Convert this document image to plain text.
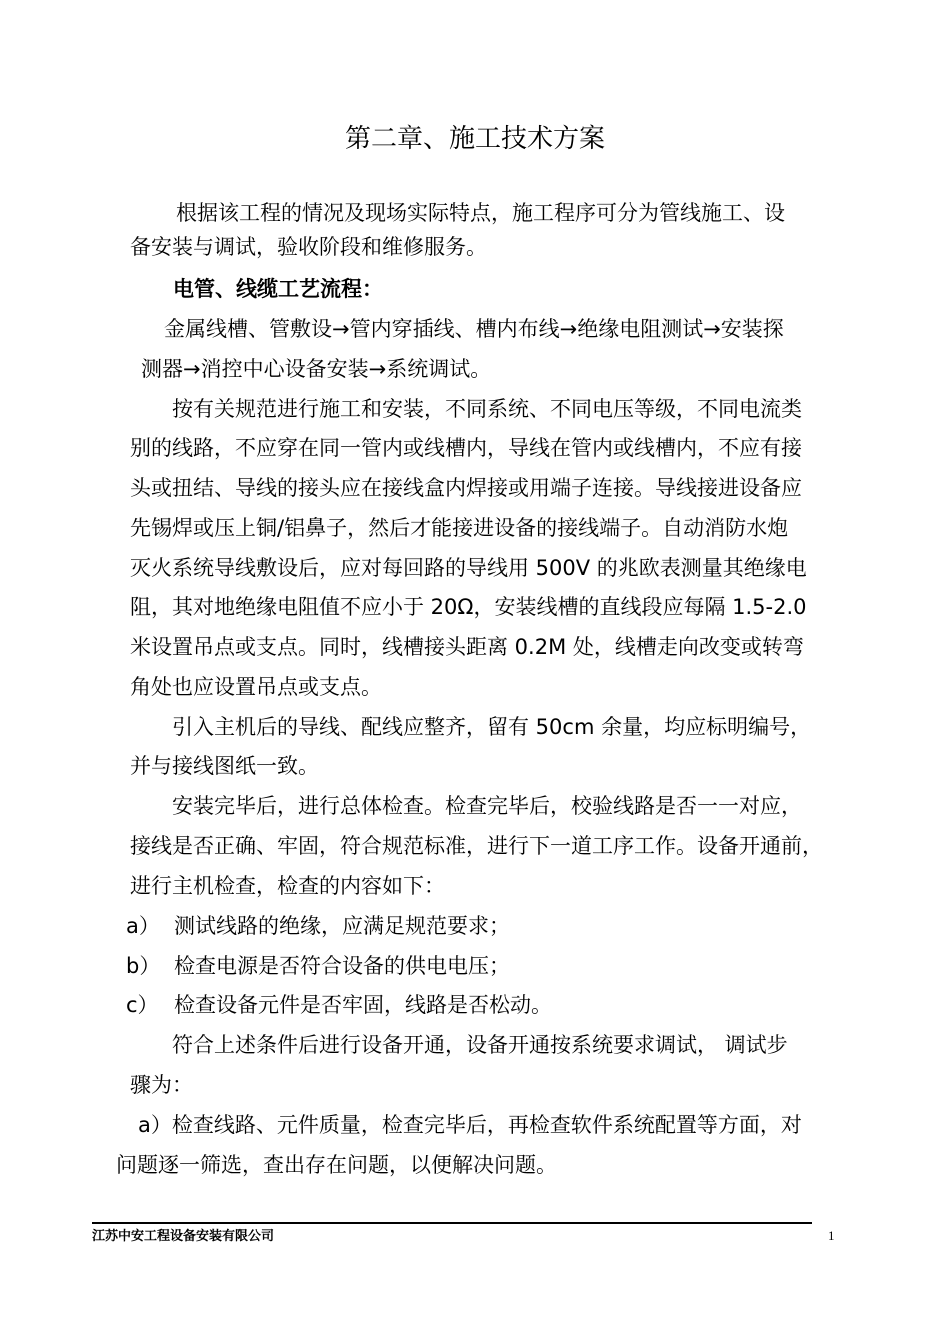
第二章、施工技术方案
根据该工程的情况及现场实际特点，施工程序可分为管线施工、设
备安装与调试，验收阶段和维修服务。
电管、线缆工艺流程：
金属线槽、管敷设→管内穿插线、槽内布线→绝缘电阻测试→安装探
测器→消控中心设备安装→系统调试。
按有关规范进行施工和安装，不同系统、不同电压等级，不同电流类
别的线路，不应穿在同一管内或线槽内，导线在管内或线槽内，不应有接
头或扭结、导线的接头应在接线盒内焊接或用端子连接。导线接进设备应
先锡焊或压上铜/铝鼻子，然后才能接进设备的接线端子。自动消防水炮
灭火系统导线敷设后，应对每回路的导线用 500V 的兆欧表测量其绝缘电
阻，其对地绝缘电阻值不应小于 20Ω，安装线槽的直线段应每隔 1.5-2.0
米设置吊点或支点。同时，线槽接头距离 0.2M 处，线槽走向改变或转弯
角处也应设置吊点或支点。
引入主机后的导线、配线应整齐，留有 50cm 余量，均应标明编号，
并与接线图纸一致。
安装完毕后，进行总体检查。检查完毕后，校验线路是否一一对应，
接线是否正确、牢固，符合规范标准，进行下一道工序工作。设备开通前，
进行主机检查，检查的内容如下：
a） 测试线路的绝缘，应满足规范要求；
b） 检查电源是否符合设备的供电电压；
c） 检查设备元件是否牢固，线路是否松动。
符合上述条件后进行设备开通，设备开通按系统要求调试， 调试步
骤为：
a）检查线路、元件质量，检查完毕后，再检查软件系统配置等方面，对
问题逐一筛选，查出存在问题，以便解决问题。
江苏中安工程设备安装有限公司	1
